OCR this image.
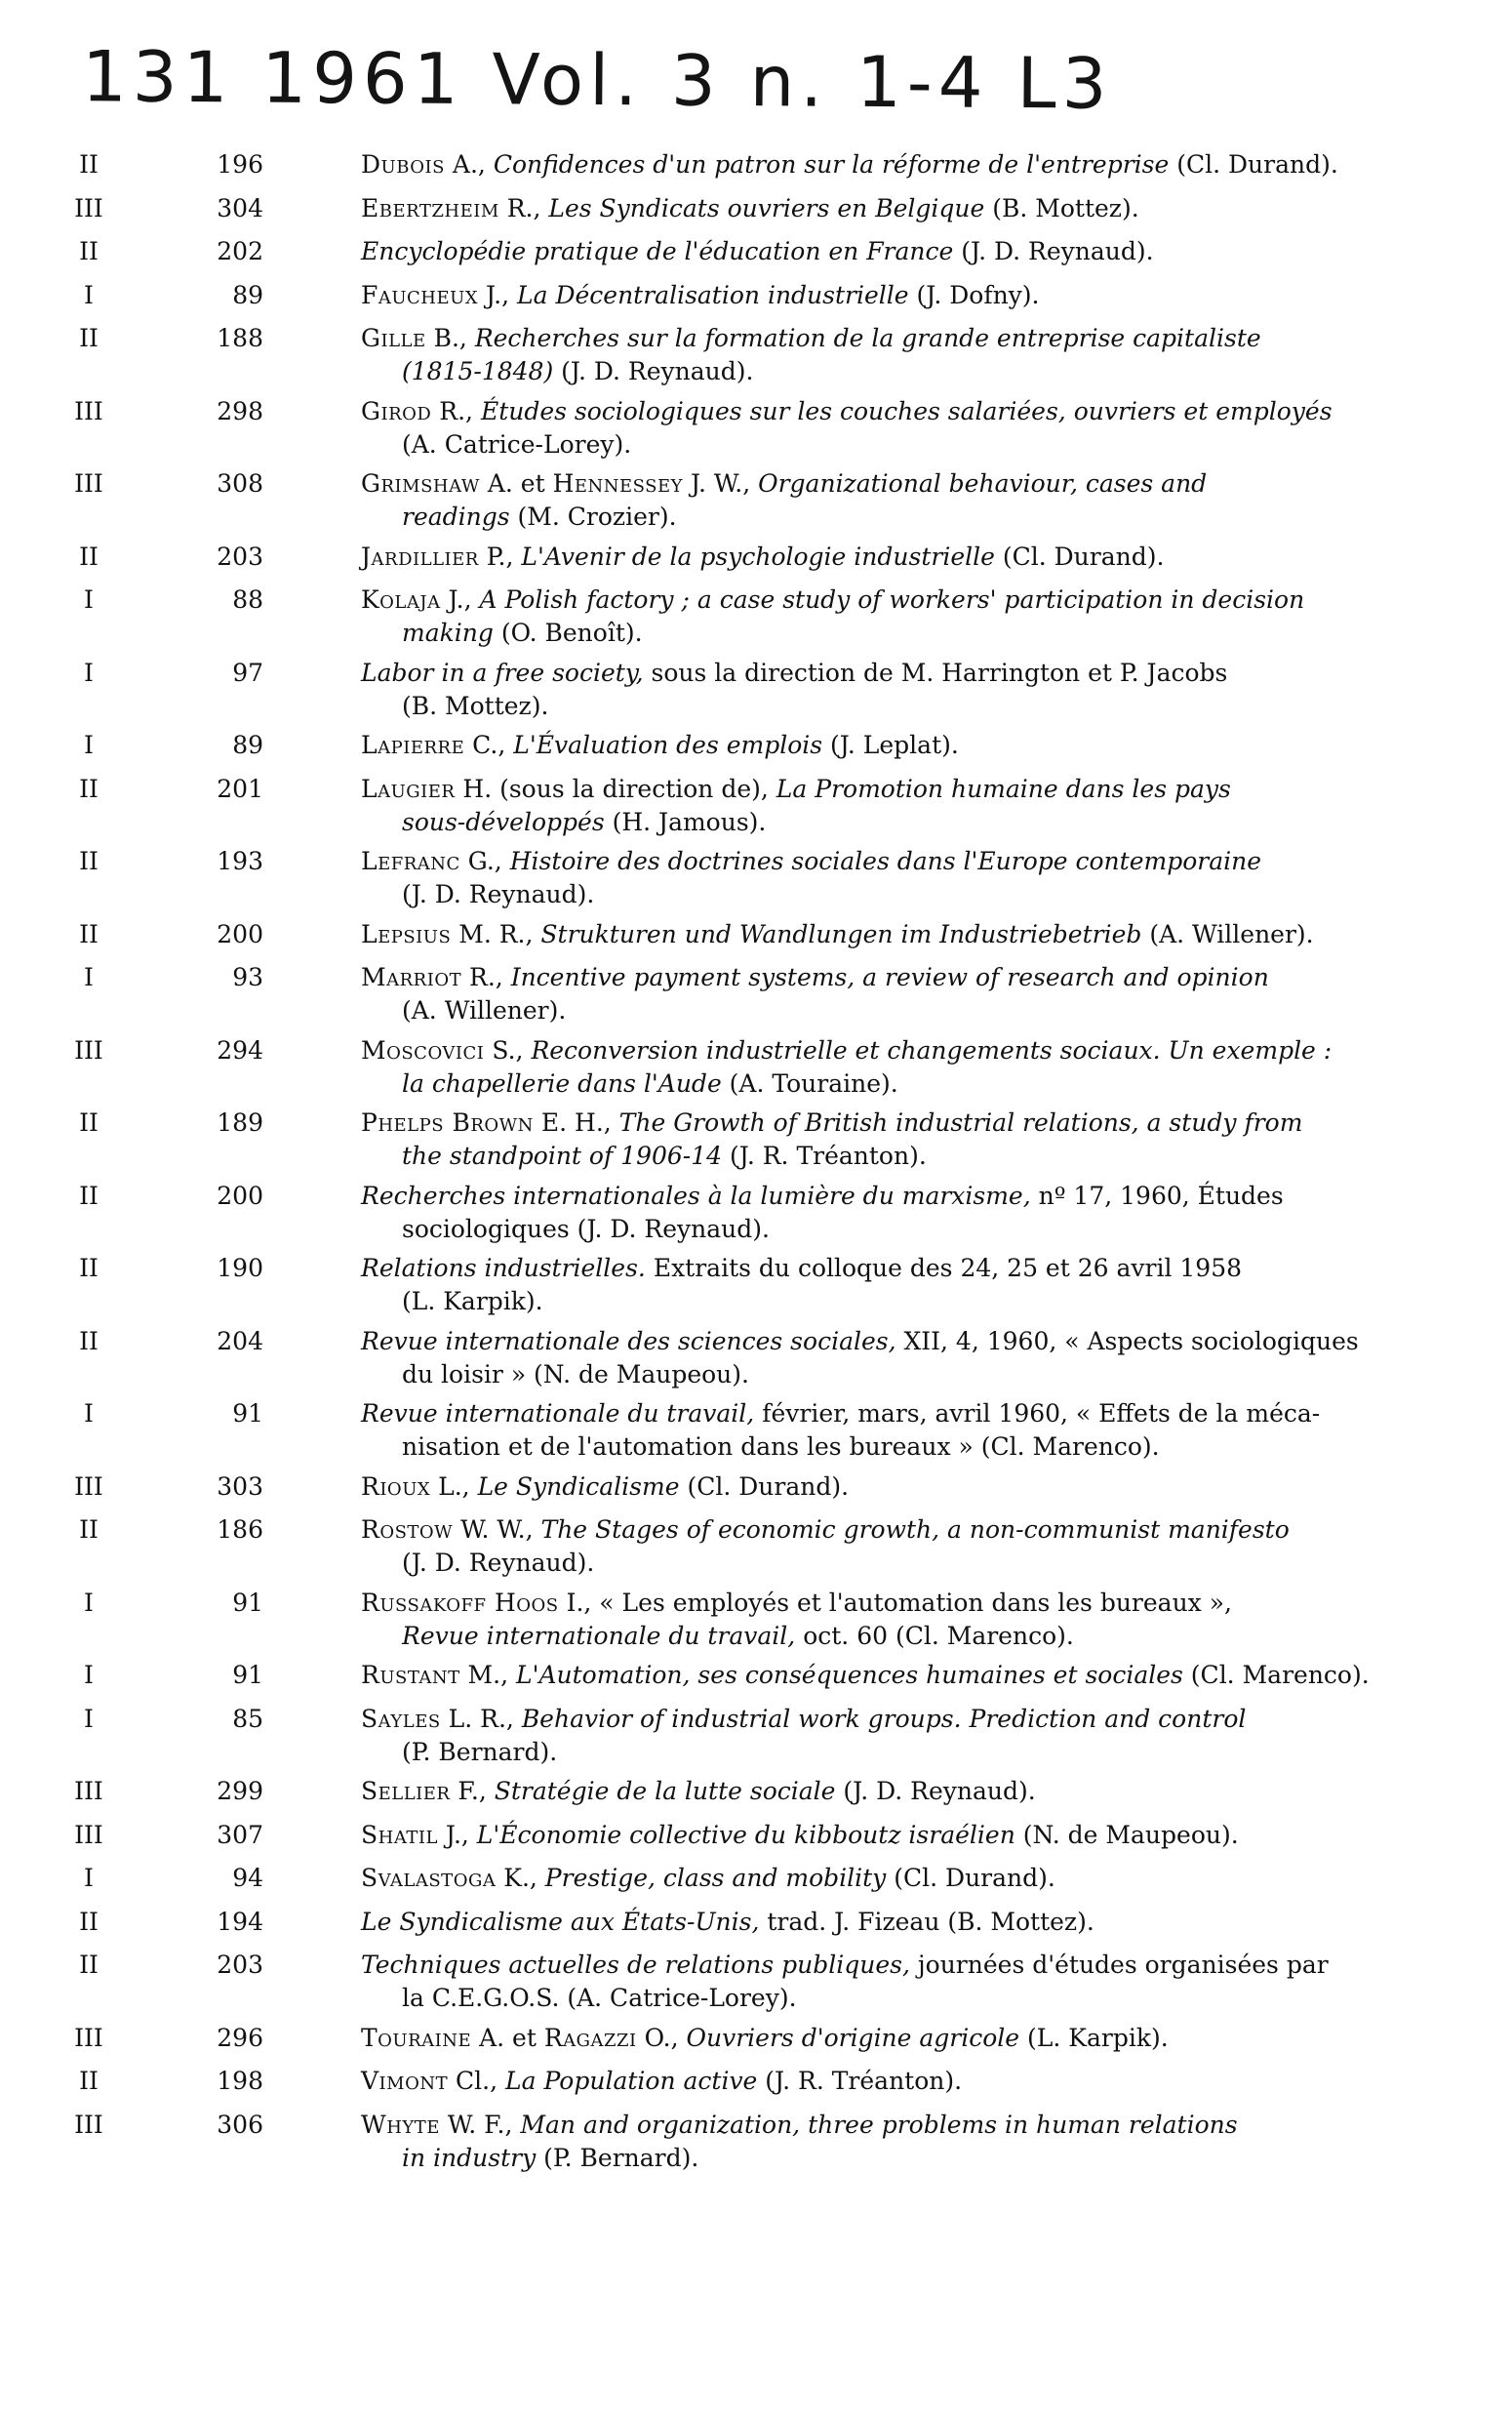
131 1961 Vol. 3 n. 1-4 L3
II	196	Dubois A., Confidences d'un patron sur la réforme de l'entreprise (Cl. Durand).
III	304	Ebertzheim R., Les Syndicats ouvriers en Belgique (B. Mottez).
II	202	Encyclopédie pratique de l'éducation en France (J. D. Reynaud).
I	89	Faucheux J., La Décentralisation industrielle (J. Dofny).
II	188	Gille B., Recherches sur la formation de la grande entreprise capitaliste
(1815-1848) (J. D. Reynaud).
III	298	Girod R., Études sociologiques sur les couches salariées, ouvriers et employés
(A. Catrice-Lorey).
III	308	Grimshaw A. et Hennessey J. W., Organizational behaviour, cases and
readings (M. Crozier).
II	203	Jardillier P., L'Avenir de la psychologie industrielle (Cl. Durand).
I	88	Kolaja J., A Polish factory ; a case study of workers' participation in decision
making (O. Benoît).
I	97	Labor in a free society, sous la direction de M. Harrington et P. Jacobs
(B. Mottez).
I	89	Lapierre C., L'Évaluation des emplois (J. Leplat).
II	201	Laugier H. (sous la direction de), La Promotion humaine dans les pays
sous-développés (H. Jamous).
II	193	Lefranc G., Histoire des doctrines sociales dans l'Europe contemporaine
(J. D. Reynaud).
II	200	Lepsius M. R., Strukturen und Wandlungen im Industriebetrieb (A. Willener).
I	93	Marriot R., Incentive payment systems, a review of research and opinion
(A. Willener).
III	294	Moscovici S., Reconversion industrielle et changements sociaux. Un exemple :
la chapellerie dans l'Aude (A. Touraine).
II	189	Phelps Brown E. H., The Growth of British industrial relations, a study from
the standpoint of 1906-14 (J. R. Tréanton).
II	200	Recherches internationales à la lumière du marxisme, nº 17, 1960, Études
sociologiques (J. D. Reynaud).
II	190	Relations industrielles. Extraits du colloque des 24, 25 et 26 avril 1958
(L. Karpik).
II	204	Revue internationale des sciences sociales, XII, 4, 1960, « Aspects sociologiques
du loisir » (N. de Maupeou).
I	91	Revue internationale du travail, février, mars, avril 1960, « Effets de la méca-
nisation et de l'automation dans les bureaux » (Cl. Marenco).
III	303	Rioux L., Le Syndicalisme (Cl. Durand).
II	186	Rostow W. W., The Stages of economic growth, a non-communist manifesto
(J. D. Reynaud).
I	91	Russakoff Hoos I., « Les employés et l'automation dans les bureaux »,
Revue internationale du travail, oct. 60 (Cl. Marenco).
I	91	Rustant M., L'Automation, ses conséquences humaines et sociales (Cl. Marenco).
I	85	Sayles L. R., Behavior of industrial work groups. Prediction and control
(P. Bernard).
III	299	Sellier F., Stratégie de la lutte sociale (J. D. Reynaud).
III	307	Shatil J., L'Économie collective du kibboutz israélien (N. de Maupeou).
I	94	Svalastoga K., Prestige, class and mobility (Cl. Durand).
II	194	Le Syndicalisme aux États-Unis, trad. J. Fizeau (B. Mottez).
II	203	Techniques actuelles de relations publiques, journées d'études organisées par
la C.E.G.O.S. (A. Catrice-Lorey).
III	296	Touraine A. et Ragazzi O., Ouvriers d'origine agricole (L. Karpik).
II	198	Vimont Cl., La Population active (J. R. Tréanton).
III	306	Whyte W. F., Man and organization, three problems in human relations
in industry (P. Bernard).
